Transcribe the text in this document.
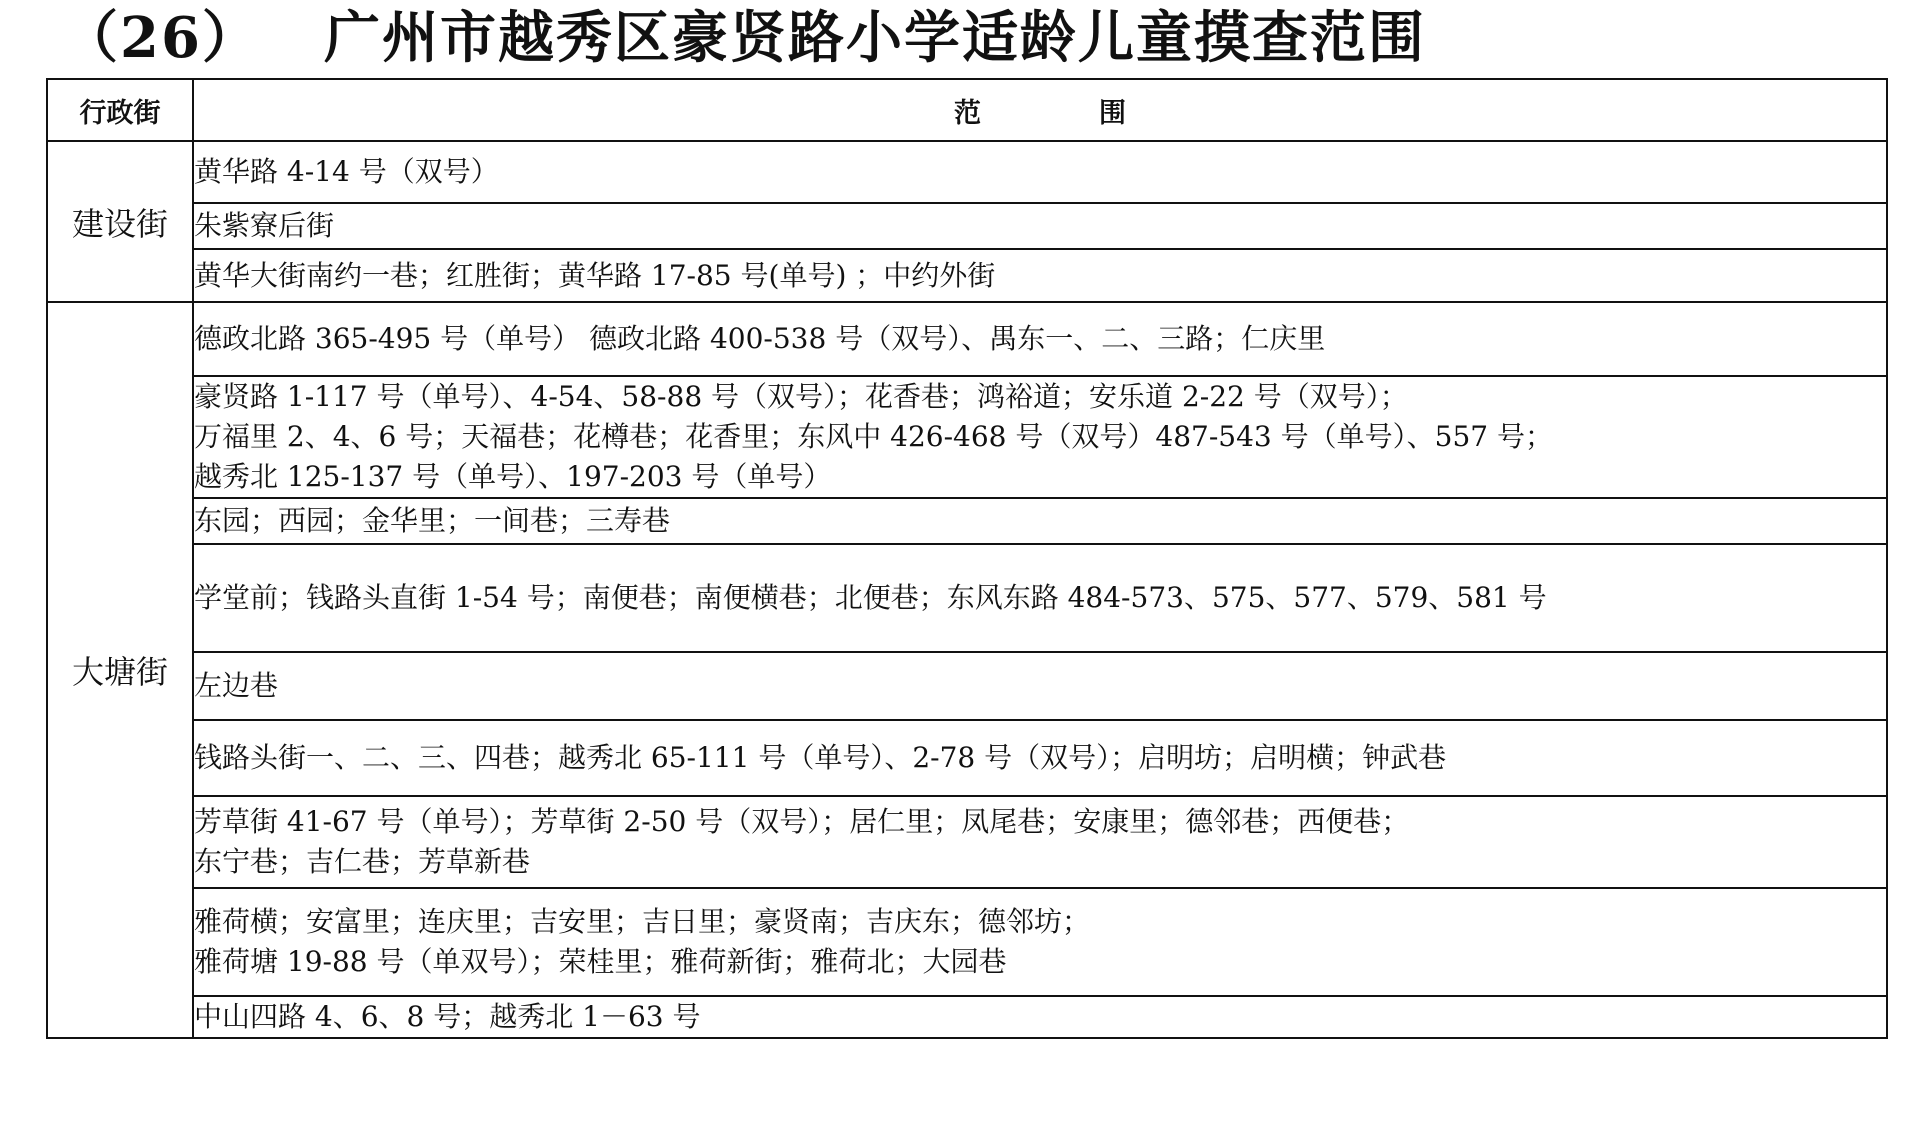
（26） 广州市越秀区豪贤路小学适龄儿童摸查范围
行政街	范 围
建设街	黄华路 4-14 号（双号）

	朱紫寮后街

	黄华大街南约一巷；红胜街；黄华路 17-85 号(单号) ；中约外街

大塘街	德政北路 365-495 号（单号） 德政北路 400-538 号（双号）、禺东一、二、三路；仁庆里

	豪贤路 1-117 号（单号）、4-54、58-88 号（双号）；花香巷；鸿裕道；安乐道 2-22 号（双号）；
万福里 2、4、6 号；天福巷；花樽巷；花香里；东风中 426-468 号（双号）487-543 号（单号）、557 号；
越秀北 125-137 号（单号）、197-203 号（单号）

	东园；西园；金华里；一间巷；三寿巷

	学堂前；钱路头直街 1-54 号；南便巷；南便横巷；北便巷；东风东路 484-573、575、577、579、581 号

	左边巷

	钱路头街一、二、三、四巷；越秀北 65-111 号（单号）、2-78 号（双号）；启明坊；启明横；钟武巷

	芳草街 41-67 号（单号）；芳草街 2-50 号（双号）；居仁里；凤尾巷；安康里；德邻巷；西便巷；
东宁巷；吉仁巷；芳草新巷

	雅荷横；安富里；连庆里；吉安里；吉日里；豪贤南；吉庆东；德邻坊；
雅荷塘 19-88 号（单双号）；荣桂里；雅荷新街；雅荷北；大园巷

	中山四路 4、6、8 号；越秀北 1－63 号
